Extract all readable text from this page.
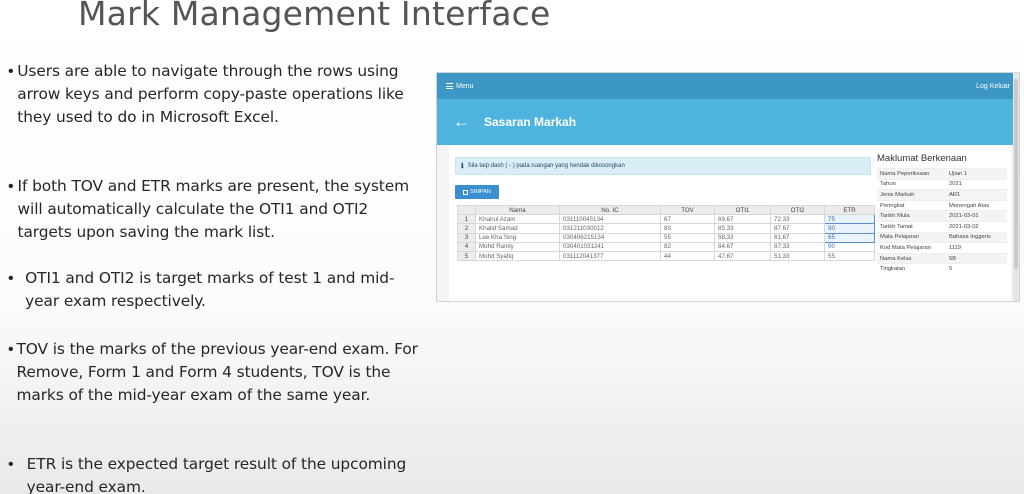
Mark Management Interface
• Users are able to navigate through the rows using arrow keys and perform copy-paste operations like they used to do in Microsoft Excel.
• If both TOV and ETR marks are present, the system will automatically calculate the OTI1 and OTI2 targets upon saving the mark list.
• OTI1 and OTI2 is target marks of test 1 and mid-year exam respectively.
• TOV is the marks of the previous year-end exam. For Remove, Form 1 and Form 4 students, TOV is the marks of the mid-year exam of the same year.
• ETR is the expected target result of the upcoming year-end exam.
Menu	Log Keluar
← Sasaran Markah
ℹ Sila taip dash ( - ) pada ruangan yang hendak dikosongkan
SIMPAN
	Nama	No. IC	TOV	OTI1	OTI2	ETR
1	Khairul Azam	031110045134	67	69.67	72.33	75
2	Khalid Samad	031211030012	83	85.33	87.67	90
3	Lee Kha Sing	030406215134	55	58.33	61.67	65
4	Mohd Ramly	030401031241	82	84.67	87.33	90
5	Mohd Syafiq	031112041377	44	47.67	51.33	55
Maklumat Berkenaan
Nama Peperiksaan	Ujian 1
Tahun	2021
Jenis Markah	AR1
Peringkat	Menengah Atas
Tarikh Mula	2021-03-01
Tarikh Tamat	2021-03-02
Mata Pelajaran	Bahasa Inggeris
Kod Mata Pelajaran	1119
Nama Kelas	5B
Tingkatan	5
